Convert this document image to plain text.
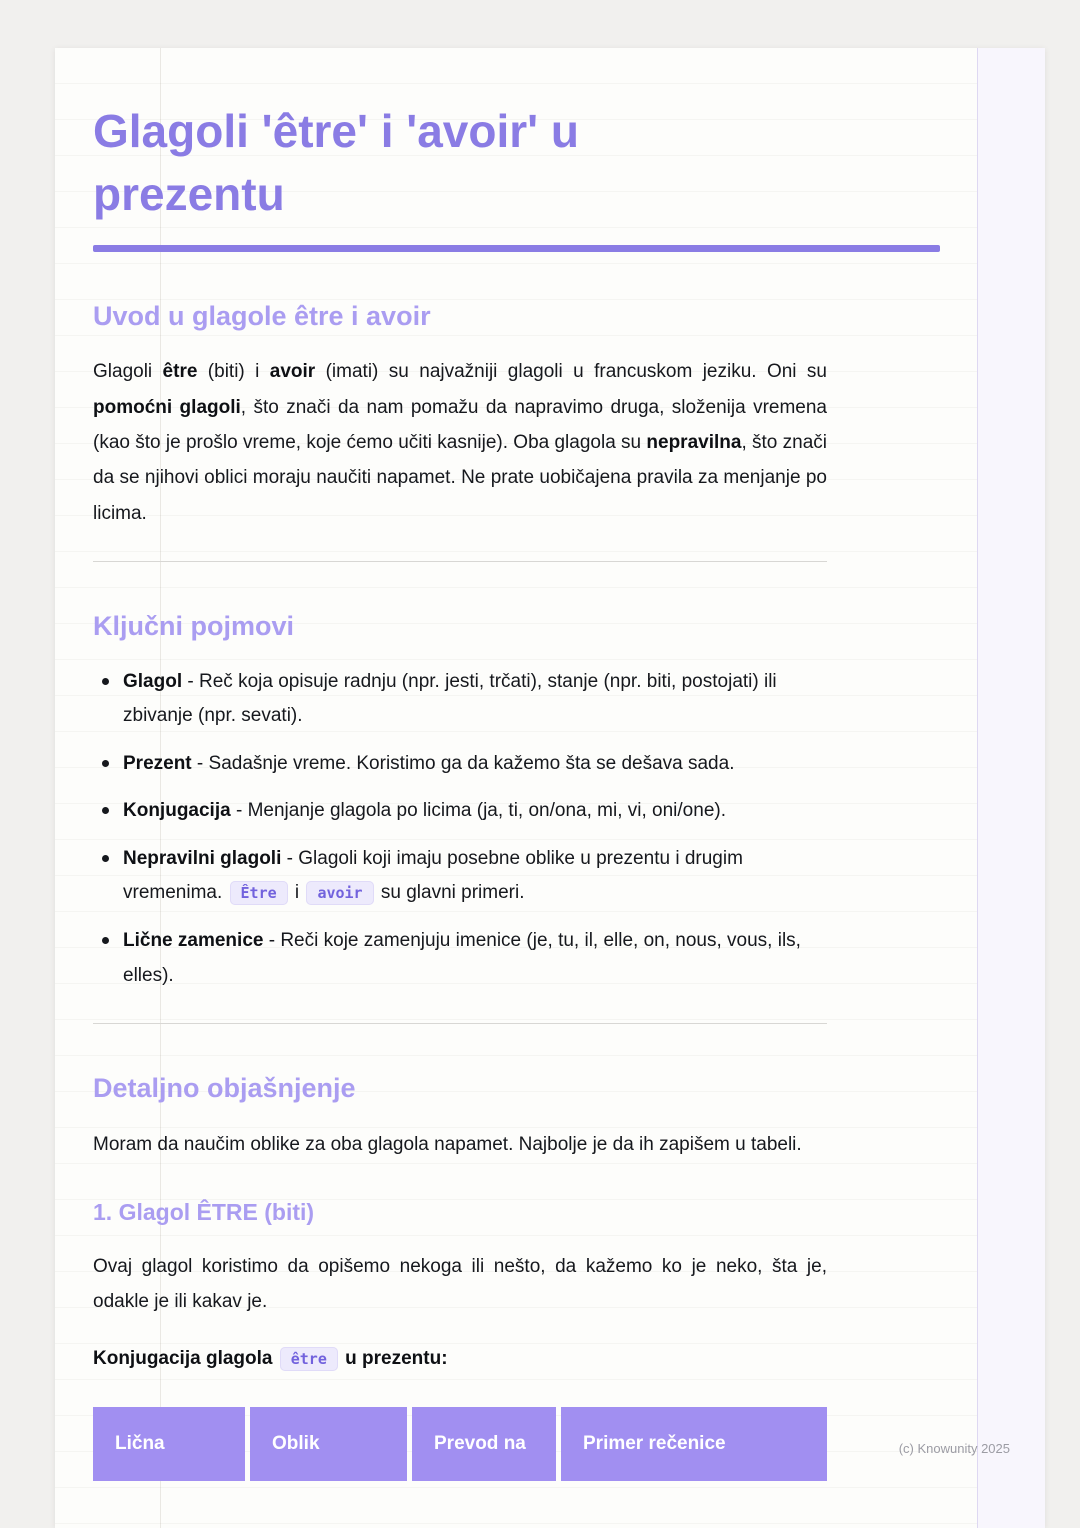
Glagoli 'être' i 'avoir' u prezentu
Uvod u glagole être i avoir

Glagoli être (biti) i avoir (imati) su najvažniji glagoli u francuskom jeziku. Oni su pomoćni glagoli, što znači da nam pomažu da napravimo druga, složenija vremena (kao što je prošlo vreme, koje ćemo učiti kasnije). Oba glagola su nepravilna, što znači da se njihovi oblici moraju naučiti napamet. Ne prate uobičajena pravila za menjanje po licima.

Ključni pojmovi
Glagol - Reč koja opisuje radnju (npr. jesti, trčati), stanje (npr. biti, postojati) ili zbivanje (npr. sevati).
Prezent - Sadašnje vreme. Koristimo ga da kažemo šta se dešava sada.
Konjugacija - Menjanje glagola po licima (ja, ti, on/ona, mi, vi, oni/one).
Nepravilni glagoli - Glagoli koji imaju posebne oblike u prezentu i drugim vremenima. Être i avoir su glavni primeri.
Lične zamenice - Reči koje zamenjuju imenice (je, tu, il, elle, on, nous, vous, ils, elles).
Detaljno objašnjenje

Moram da naučim oblike za oba glagola napamet. Najbolje je da ih zapišem u tabeli.

1. Glagol ÊTRE (biti)

Ovaj glagol koristimo da opišemo nekoga ili nešto, da kažemo ko je neko, šta je, odakle je ili kakav je.

Konjugacija glagola être u prezentu:

Lična	Oblik	Prevod na	Primer rečenice	(c) Knowunity 2025
